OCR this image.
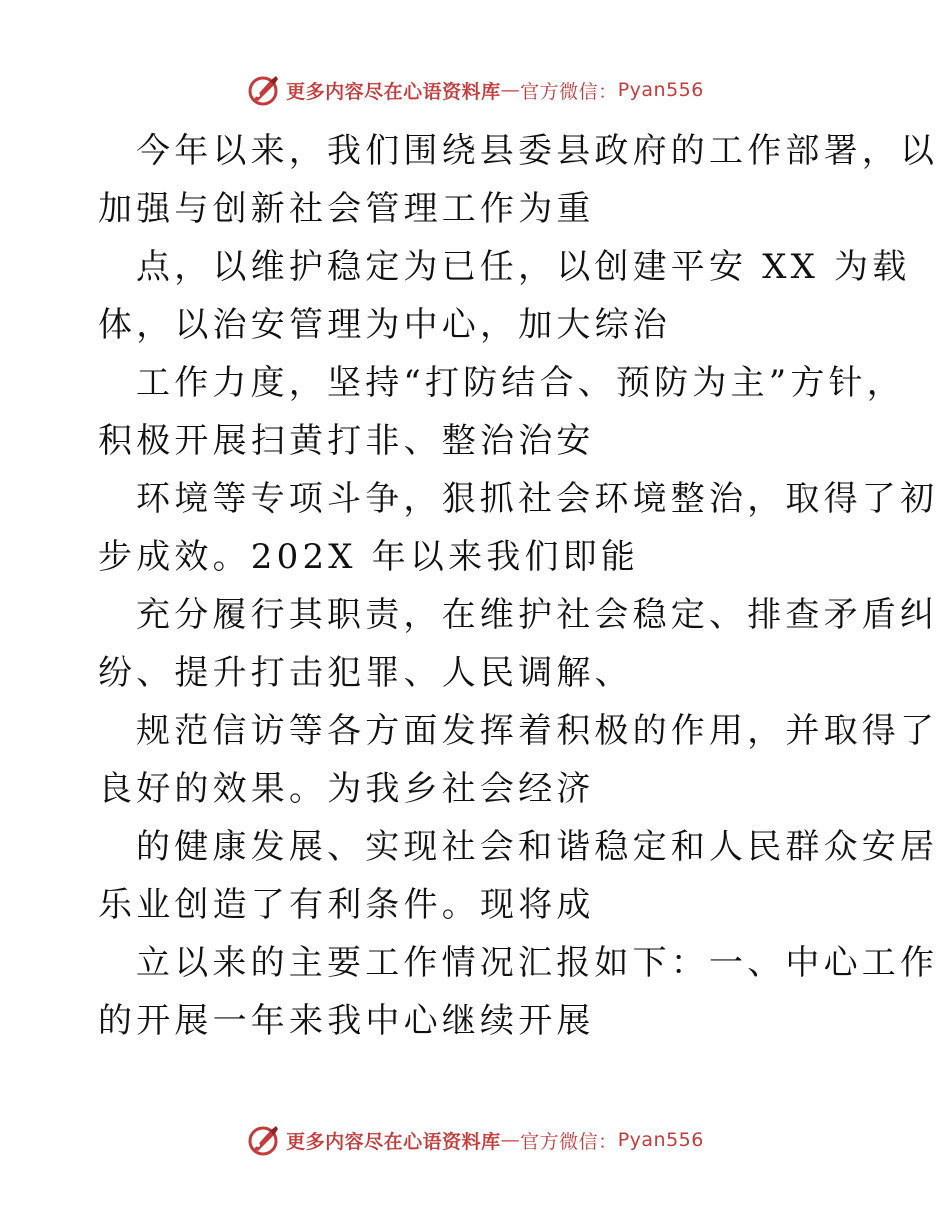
更多内容尽在心语资料库 — 官方微信： Pyan556

今年以来，我们围绕县委县政府的工作部署，以
加强与创新社会管理工作为重

点，以维护稳定为已任，以创建平安 XX 为载
体，以治安管理为中心，加大综治

工作力度，坚持“打防结合、预防为主”方针，
积极开展扫黄打非、整治治安

环境等专项斗争，狠抓社会环境整治，取得了初
步成效。202X 年以来我们即能

充分履行其职责，在维护社会稳定、排查矛盾纠
纷、提升打击犯罪、人民调解、

规范信访等各方面发挥着积极的作用，并取得了
良好的效果。为我乡社会经济

的健康发展、实现社会和谐稳定和人民群众安居
乐业创造了有利条件。现将成

立以来的主要工作情况汇报如下：一、中心工作
的开展一年来我中心继续开展

更多内容尽在心语资料库 — 官方微信： Pyan556
